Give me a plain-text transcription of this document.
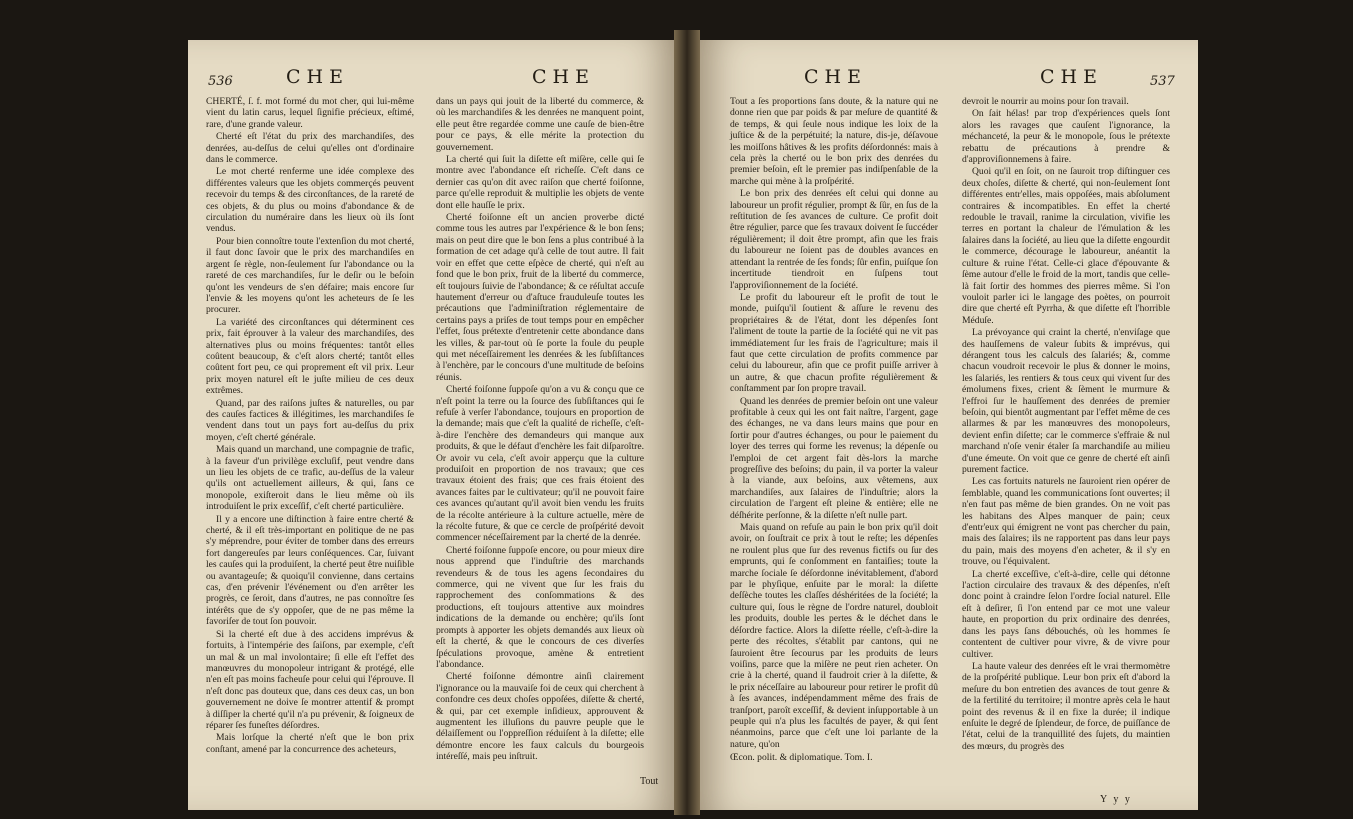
536	CHE	CHE

CHERTÉ, ſ. f. mot formé du mot cher, qui lui-même vient du latin carus, lequel ſignifie précieux, eſtimé, rare, d'une grande valeur.

Cherté eſt l'état du prix des marchandiſes, des denrées, au-deſſus de celui qu'elles ont d'ordinaire dans le commerce.

Le mot cherté renferme une idée complexe des différentes valeurs que les objets commerçés peuvent recevoir du temps & des circonſtances, de la rareté de ces objets, & du plus ou moins d'abondance & de circulation du numéraire dans les lieux où ils ſont vendus.

Pour bien connoître toute l'extenſion du mot cherté, il faut donc ſavoir que le prix des marchandiſes en argent ſe règle, non-ſeulement ſur l'abondance ou la rareté de ces marchandiſes, ſur le deſir ou le beſoin qu'ont les vendeurs de s'en défaire; mais encore ſur l'envie & les moyens qu'ont les acheteurs de ſe les procurer.

La variété des circonſtances qui déterminent ces prix, fait éprouver à la valeur des marchandiſes, des alternatives plus ou moins fréquentes: tantôt elles coûtent beaucoup, & c'eſt alors cherté; tantôt elles coûtent fort peu, ce qui proprement eſt vil prix. Leur prix moyen naturel eſt le juſte milieu de ces deux extrêmes.

Quand, par des raiſons juſtes & naturelles, ou par des cauſes factices & illégitimes, les marchandiſes ſe vendent dans tout un pays fort au-deſſus du prix moyen, c'eſt cherté générale.

Mais quand un marchand, une compagnie de trafic, à la faveur d'un privilège excluſif, peut vendre dans un lieu les objets de ce trafic, au-deſſus de la valeur qu'ils ont actuellement ailleurs, & qui, ſans ce monopole, exiſteroit dans le lieu même où ils introduiſent le prix exceſſif, c'eſt cherté particulière.

Il y a encore une diſtinction à faire entre cherté & cherté, & il eſt très-important en politique de ne pas s'y méprendre, pour éviter de tomber dans des erreurs fort dangereuſes par leurs conſéquences. Car, ſuivant les cauſes qui la produiſent, la cherté peut être nuiſible ou avantageuſe; & quoiqu'il convienne, dans certains cas, d'en prévenir l'événement ou d'en arrêter les progrès, ce ſeroit, dans d'autres, ne pas connoître ſes intérêts que de s'y oppoſer, que de ne pas même la favoriſer de tout ſon pouvoir.

Si la cherté eſt due à des accidens imprévus & fortuits, à l'intempérie des ſaiſons, par exemple, c'eſt un mal & un mal involontaire; ſi elle eſt l'effet des manœuvres du monopoleur intrigant & protégé, elle n'en eſt pas moins facheuſe pour celui qui l'éprouve. Il n'eſt donc pas douteux que, dans ces deux cas, un bon gouvernement ne doive ſe montrer attentif & prompt à diſſiper la cherté qu'il n'a pu prévenir, & ſoigneux de réparer ſes funeſtes déſordres.

Mais lorſque la cherté n'eſt que le bon prix conſtant, amené par la concurrence des acheteurs,

dans un pays qui jouit de la liberté du commerce, & où les marchandiſes & les denrées ne manquent point, elle peut être regardée comme une cauſe de bien-être pour ce pays, & elle mérite la protection du gouvernement.

La cherté qui ſuit la diſette eſt miſère, celle qui ſe montre avec l'abondance eſt richeſſe. C'eſt dans ce dernier cas qu'on dit avec raiſon que cherté foiſonne, parce qu'elle reproduit & multiplie les objets de vente dont elle hauſſe le prix.

Cherté foiſonne eſt un ancien proverbe dicté comme tous les autres par l'expérience & le bon ſens; mais on peut dire que le bon ſens a plus contribué à la formation de cet adage qu'à celle de tout autre. Il fait voir en effet que cette eſpèce de cherté, qui n'eſt au fond que le bon prix, fruit de la liberté du commerce, eſt toujours ſuivie de l'abondance; & ce réſultat accuſe hautement d'erreur ou d'aſtuce frauduleuſe toutes les précautions que l'adminiſtration réglementaire de certains pays a priſes de tout temps pour en empêcher l'effet, ſous prétexte d'entretenir cette abondance dans les villes, & par-tout où ſe porte la foule du peuple qui met néceſſairement les denrées & les ſubſiſtances à l'enchère, par le concours d'une multitude de beſoins réunis.

Cherté foiſonne ſuppoſe qu'on a vu & conçu que ce n'eſt point la terre ou la ſource des ſubſiſtances qui ſe refuſe à verſer l'abondance, toujours en proportion de la demande; mais que c'eſt la qualité de richeſſe, c'eſt-à-dire l'enchère des demandeurs qui manque aux produits, & que le défaut d'enchère les fait diſparoître. Or avoir vu cela, c'eſt avoir apperçu que la culture produiſoit en proportion de nos travaux; que ces travaux étoient des frais; que ces frais étoient des avances faites par le cultivateur; qu'il ne pouvoit faire ces avances qu'autant qu'il avoit bien vendu les fruits de la récolte antérieure à la culture actuelle, mère de la récolte future, & que ce cercle de proſpérité devoit commencer néceſſairement par la cherté de la denrée.

Cherté foiſonne ſuppoſe encore, ou pour mieux dire nous apprend que l'induſtrie des marchands revendeurs & de tous les agens ſecondaires du commerce, qui ne vivent que ſur les frais du rapprochement des conſommations & des productions, eſt toujours attentive aux moindres indications de la demande ou enchère; qu'ils ſont prompts à apporter les objets demandés aux lieux où eſt la cherté, & que le concours de ces diverſes ſpéculations provoque, amène & entretient l'abondance.

Cherté foiſonne démontre ainſi clairement l'ignorance ou la mauvaiſe foi de ceux qui cherchent à confondre ces deux choſes oppoſées, diſette & cherté, & qui, par cet exemple inſidieux, approuvent & augmentent les illuſions du pauvre peuple que le délaiſſement ou l'oppreſſion réduiſent à la diſette; elle démontre encore les faux calculs du bourgeois intéreſſé, mais peu inſtruit.

Tout
CHE	CHE	537

Tout a ſes proportions ſans doute, & la nature qui ne donne rien que par poids & par meſure de quantité & de temps, & qui ſeule nous indique les loix de la juſtice & de la perpétuité; la nature, dis-je, déſavoue les moiſſons hâtives & les profits déſordonnés: mais à cela près la cherté ou le bon prix des denrées du premier beſoin, eſt le premier pas indiſpenſable de la marche qui mène à la proſpérité.

Le bon prix des denrées eſt celui qui donne au laboureur un profit régulier, prompt & ſûr, en ſus de la reſtitution de ſes avances de culture. Ce profit doit être régulier, parce que ſes travaux doivent ſe ſuccéder régulièrement; il doit être prompt, afin que les frais du laboureur ne ſoient pas de doubles avances en attendant la rentrée de ſes fonds; ſûr enfin, puiſque ſon incertitude tiendroit en ſuſpens tout l'approviſionnement de la ſociété.

Le profit du laboureur eſt le profit de tout le monde, puiſqu'il ſoutient & aſſure le revenu des propriétaires & de l'état, dont les dépenſes ſont l'aliment de toute la partie de la ſociété qui ne vit pas immédiatement ſur les frais de l'agriculture; mais il faut que cette circulation de profits commence par celui du laboureur, afin que ce profit puiſſe arriver à un autre, & que chacun profite régulièrement & conſtamment par ſon propre travail.

Quand les denrées de premier beſoin ont une valeur profitable à ceux qui les ont fait naître, l'argent, gage des échanges, ne va dans leurs mains que pour en ſortir pour d'autres échanges, ou pour le paiement du loyer des terres qui forme les revenus; la dépenſe ou l'emploi de cet argent fait dès-lors la marche progreſſive des beſoins; du pain, il va porter la valeur à la viande, aux beſoins, aux vêtemens, aux marchandiſes, aux ſalaires de l'induſtrie; alors la circulation de l'argent eſt pleine & entière; elle ne déſhérite perſonne, & la diſette n'eſt nulle part.

Mais quand on refuſe au pain le bon prix qu'il doit avoir, on ſouſtrait ce prix à tout le reſte; les dépenſes ne roulent plus que ſur des revenus fictifs ou ſur des emprunts, qui ſe conſomment en fantaiſies; toute la marche ſociale ſe déſordonne inévitablement, d'abord par le phyſique, enſuite par le moral: la diſette deſſèche toutes les claſſes déshéritées de la ſociété; la culture qui, ſous le règne de l'ordre naturel, doubloit les produits, double les pertes & le déchet dans le déſordre factice. Alors la diſette réelle, c'eſt-à-dire la perte des récoltes, s'établit par cantons, qui ne ſauroient être ſecourus par les produits de leurs voiſins, parce que la miſère ne peut rien acheter. On crie à la cherté, quand il faudroit crier à la diſette, & le prix néceſſaire au laboureur pour retirer le profit dû à ſes avances, indépendamment même des frais de tranſport, paroît exceſſif, & devient inſupportable à un peuple qui n'a plus les facultés de payer, & qui ſent néanmoins, parce que c'eſt une loi parlante de la nature, qu'on

Œcon. polit. & diplomatique. Tom. I.

devroit le nourrir au moins pour ſon travail.

On ſait hélas! par trop d'expériences quels ſont alors les ravages que cauſent l'ignorance, la méchanceté, la peur & le monopole, ſous le prétexte rebattu de précautions à prendre & d'approviſionnemens à faire.

Quoi qu'il en ſoit, on ne ſauroit trop diſtinguer ces deux choſes, diſette & cherté, qui non-ſeulement ſont différentes entr'elles, mais oppoſées, mais abſolument contraires & incompatibles. En effet la cherté redouble le travail, ranime la circulation, vivifie les terres en portant la chaleur de l'émulation & les ſalaires dans la ſociété, au lieu que la diſette engourdit le commerce, décourage le laboureur, anéantit la culture & ruine l'état. Celle-ci glace d'épouvante & ſème autour d'elle le froid de la mort, tandis que celle-là fait ſortir des hommes des pierres même. Si l'on vouloit parler ici le langage des poètes, on pourroit dire que cherté eſt Pyrrha, & que diſette eſt l'horrible Méduſe.

La prévoyance qui craint la cherté, n'enviſage que des hauſſemens de valeur ſubits & imprévus, qui dérangent tous les calculs des ſalariés; &, comme chacun voudroit recevoir le plus & donner le moins, les ſalariés, les rentiers & tous ceux qui vivent ſur des émolumens fixes, crient & ſèment le murmure & l'effroi ſur le hauſſement des denrées de premier beſoin, qui bientôt augmentant par l'effet même de ces allarmes & par les manœuvres des monopoleurs, devient enfin diſette; car le commerce s'effraie & nul marchand n'oſe venir étaler ſa marchandiſe au milieu d'une émeute. On voit que ce genre de cherté eſt ainſi purement factice.

Les cas fortuits naturels ne ſauroient rien opérer de ſemblable, quand les communications ſont ouvertes; il n'en faut pas même de bien grandes. On ne voit pas les habitans des Alpes manquer de pain; ceux d'entr'eux qui émigrent ne vont pas chercher du pain, mais des ſalaires; ils ne rapportent pas dans leur pays du pain, mais des moyens d'en acheter, & il s'y en trouve, ou l'équivalent.

La cherté exceſſive, c'eſt-à-dire, celle qui détonne l'action circulaire des travaux & des dépenſes, n'eſt donc point à craindre ſelon l'ordre ſocial naturel. Elle eſt à deſirer, ſi l'on entend par ce mot une valeur haute, en proportion du prix ordinaire des denrées, dans les pays ſans débouchés, où les hommes ſe contentent de cultiver pour vivre, & de vivre pour cultiver.

La haute valeur des denrées eſt le vrai thermomètre de la proſpérité publique. Leur bon prix eſt d'abord la meſure du bon entretien des avances de tout genre & de la fertilité du territoire; il montre après cela le haut point des revenus & il en fixe la durée; il indique enſuite le degré de ſplendeur, de force, de puiſſance de l'état, celui de la tranquillité des ſujets, du maintien des mœurs, du progrès des

Y y y
